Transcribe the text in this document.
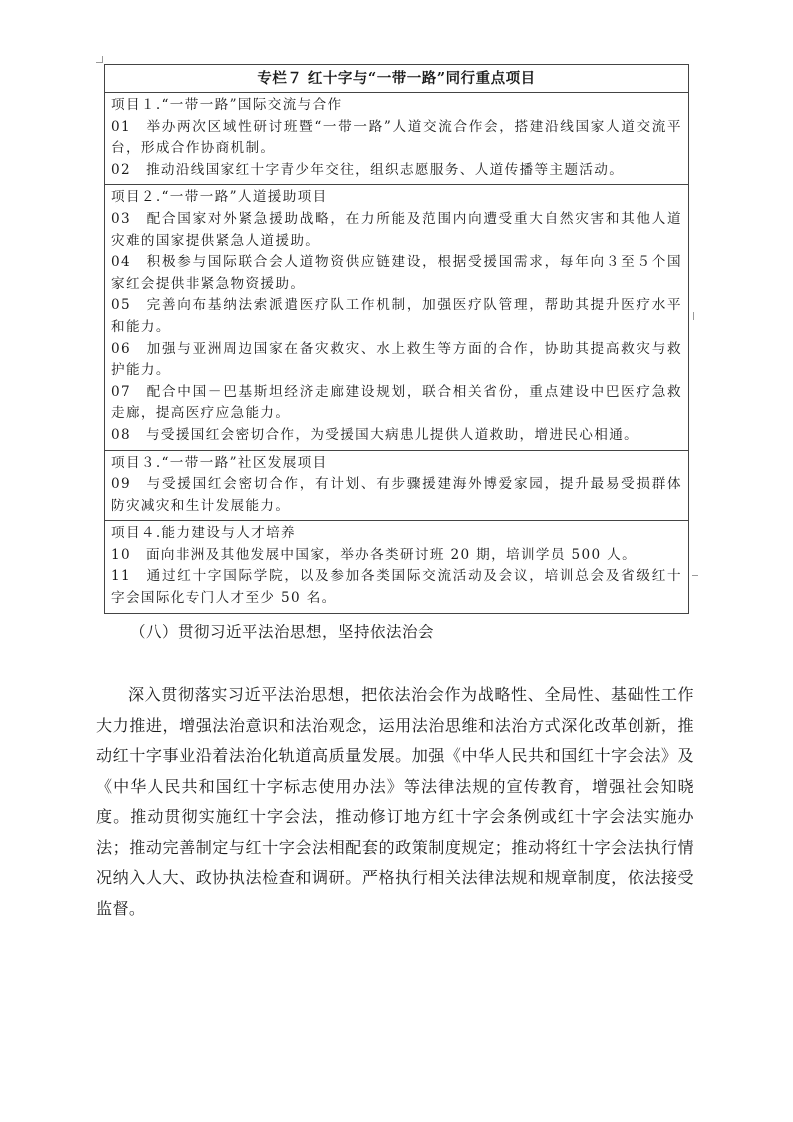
专栏７ 红十字与“一带一路”同行重点项目
项目１.“一带一路”国际交流与合作
01　举办两次区域性研讨班暨“一带一路”人道交流合作会，搭建沿线国家人道交流平台，形成合作协商机制。
02　推动沿线国家红十字青少年交往，组织志愿服务、人道传播等主题活动。
项目２.“一带一路”人道援助项目
03　配合国家对外紧急援助战略，在力所能及范围内向遭受重大自然灾害和其他人道灾难的国家提供紧急人道援助。
04　积极参与国际联合会人道物资供应链建设，根据受援国需求，每年向３至５个国家红会提供非紧急物资援助。
05　完善向布基纳法索派遣医疗队工作机制，加强医疗队管理，帮助其提升医疗水平和能力。
06　加强与亚洲周边国家在备灾救灾、水上救生等方面的合作，协助其提高救灾与救护能力。
07　配合中国－巴基斯坦经济走廊建设规划，联合相关省份，重点建设中巴医疗急救走廊，提高医疗应急能力。
08　与受援国红会密切合作，为受援国大病患儿提供人道救助，增进民心相通。
项目３.“一带一路”社区发展项目
09　与受援国红会密切合作，有计划、有步骤援建海外博爱家园，提升最易受损群体防灾减灾和生计发展能力。
项目４.能力建设与人才培养
10　面向非洲及其他发展中国家，举办各类研讨班 20 期，培训学员 500 人。
11　通过红十字国际学院，以及参加各类国际交流活动及会议，培训总会及省级红十字会国际化专门人才至少 50 名。
（八）贯彻习近平法治思想，坚持依法治会

深入贯彻落实习近平法治思想，把依法治会作为战略性、全局性、基础性工作大力推进，增强法治意识和法治观念，运用法治思维和法治方式深化改革创新，推动红十字事业沿着法治化轨道高质量发展。加强《中华人民共和国红十字会法》及《中华人民共和国红十字标志使用办法》等法律法规的宣传教育，增强社会知晓度。推动贯彻实施红十字会法，推动修订地方红十字会条例或红十字会法实施办法；推动完善制定与红十字会法相配套的政策制度规定；推动将红十字会法执行情况纳入人大、政协执法检查和调研。严格执行相关法律法规和规章制度，依法接受监督。
